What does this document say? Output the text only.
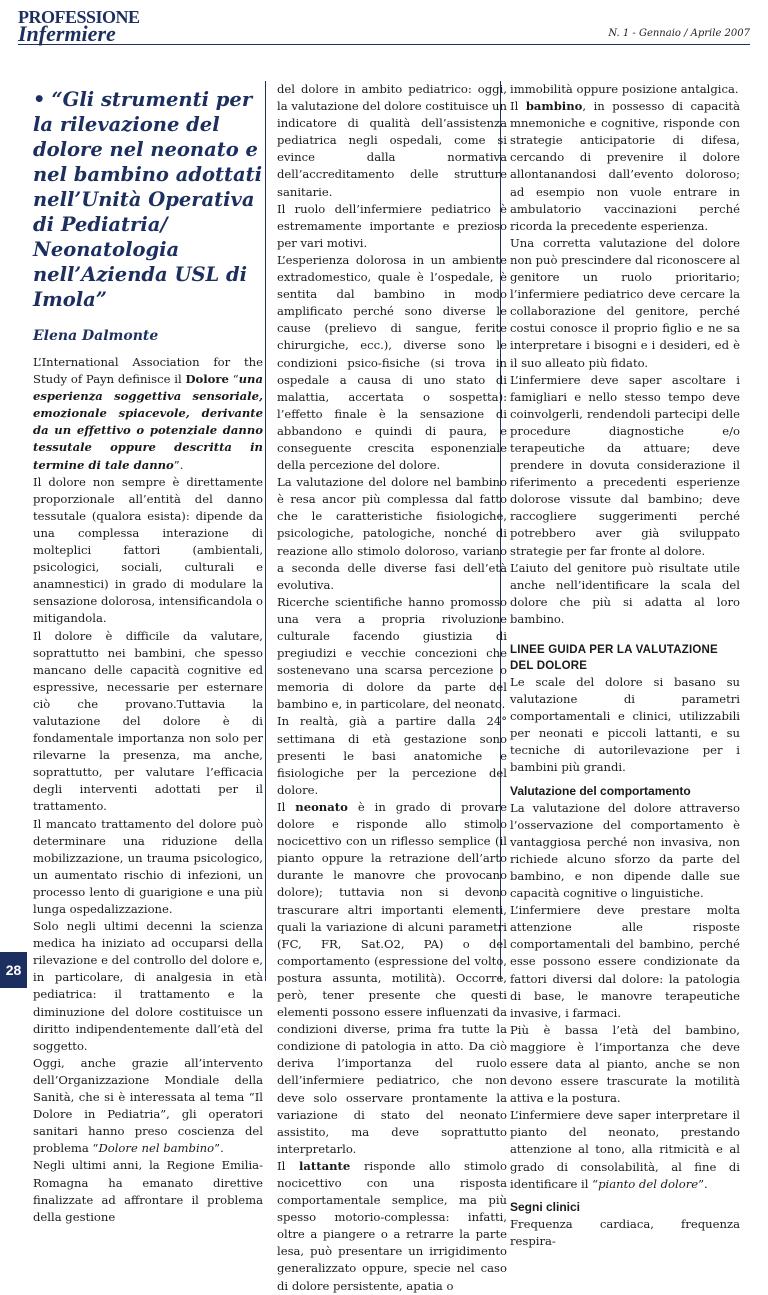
PROFESSIONE
Infermiere	N. 1 - Gennaio / Aprile 2007
• “Gli strumenti per la rilevazione del dolore nel neonato e nel bambino adottati nell’Unità Operativa di Pediatria/ Neonatologia nell’Azienda USL di Imola”
Elena Dalmonte

L’International Association for the Study of Payn definisce il Dolore “una esperienza soggettiva sensoriale, emozionale spiacevole, derivante da un effettivo o potenziale danno tessutale oppure descritta in termine di tale danno”.

Il dolore non sempre è direttamente proporzionale all’entità del danno tessutale (qualora esista): dipende da una complessa interazione di molteplici fattori (ambientali, psicologici, sociali, culturali e anamnestici) in grado di modulare la sensazione dolorosa, intensificandola o mitigandola.

Il dolore è difficile da valutare, soprattutto nei bambini, che spesso mancano delle capacità cognitive ed espressive, necessarie per esternare ciò che provano.Tuttavia la valutazione del dolore è di fondamentale importanza non solo per rilevarne la presenza, ma anche, soprattutto, per valutare l’efficacia degli interventi adottati per il trattamento.

Il mancato trattamento del dolore può determinare una riduzione della mobilizzazione, un trauma psicologico, un aumentato rischio di infezioni, un processo lento di guarigione e una più lunga ospedalizzazione.

Solo negli ultimi decenni la scienza medica ha iniziato ad occuparsi della rilevazione e del controllo del dolore e, in particolare, di analgesia in età pediatrica: il trattamento e la diminuzione del dolore costituisce un diritto indipendentemente dall’età del soggetto.

Oggi, anche grazie all’intervento dell’Organizzazione Mondiale della Sanità, che si è interessata al tema “Il Dolore in Pediatria”, gli operatori sanitari hanno preso coscienza del problema “Dolore nel bambino”.

Negli ultimi anni, la Regione Emilia-Romagna ha emanato direttive finalizzate ad affrontare il problema della gestione

del dolore in ambito pediatrico: oggi, la valutazione del dolore costituisce un indicatore di qualità dell’assistenza pediatrica negli ospedali, come si evince dalla normativa dell’accreditamento delle strutture sanitarie.

Il ruolo dell’infermiere pediatrico è estremamente importante e prezioso per vari motivi.

L’esperienza dolorosa in un ambiente extradomestico, quale è l’ospedale, è sentita dal bambino in modo amplificato perché sono diverse le cause (prelievo di sangue, ferite chirurgiche, ecc.), diverse sono le condizioni psico-fisiche (si trova in ospedale a causa di uno stato di malattia, accertata o sospetta): l’effetto finale è la sensazione di abbandono e quindi di paura, e conseguente crescita esponenziale della percezione del dolore.

La valutazione del dolore nel bambino è resa ancor più complessa dal fatto che le caratteristiche fisiologiche, psicologiche, patologiche, nonché di reazione allo stimolo doloroso, variano a seconda delle diverse fasi dell’età evolutiva.

Ricerche scientifiche hanno promosso una vera a propria rivoluzione culturale facendo giustizia di pregiudizi e vecchie concezioni che sostenevano una scarsa percezione o memoria di dolore da parte del bambino e, in particolare, del neonato.

In realtà, già a partire dalla 24° settimana di età gestazione sono presenti le basi anatomiche e fisiologiche per la percezione del dolore.

Il neonato è in grado di provare dolore e risponde allo stimolo nocicettivo con un riflesso semplice (il pianto oppure la retrazione dell’arto durante le manovre che provocano dolore); tuttavia non si devono trascurare altri importanti elementi, quali la variazione di alcuni parametri (FC, FR, Sat.O2, PA) o del comportamento (espressione del volto, postura assunta, motilità). Occorre, però, tener presente che questi elementi possono essere influenzati da condizioni diverse, prima fra tutte la condizione di patologia in atto. Da ciò deriva l’importanza del ruolo dell’infermiere pediatrico, che non deve solo osservare prontamente la variazione di stato del neonato assistito, ma deve soprattutto interpretarlo.

Il lattante risponde allo stimolo nocicettivo con una risposta comportamentale semplice, ma più spesso motorio-complessa: infatti, oltre a piangere o a retrarre la parte lesa, può presentare un irrigidimento generalizzato oppure, specie nel caso di dolore persistente, apatia o

immobilità oppure posizione antalgica.

Il bambino, in possesso di capacità mnemoniche e cognitive, risponde con strategie anticipatorie di difesa, cercando di prevenire il dolore allontanandosi dall’evento doloroso; ad esempio non vuole entrare in ambulatorio vaccinazioni perché ricorda la precedente esperienza.

Una corretta valutazione del dolore non può prescindere dal riconoscere al genitore un ruolo prioritario; l’infermiere pediatrico deve cercare la collaborazione del genitore, perché costui conosce il proprio figlio e ne sa interpretare i bisogni e i desideri, ed è il suo alleato più fidato.

L’infermiere deve saper ascoltare i famigliari e nello stesso tempo deve coinvolgerli, rendendoli partecipi delle procedure diagnostiche e/o terapeutiche da attuare; deve prendere in dovuta considerazione il riferimento a precedenti esperienze dolorose vissute dal bambino; deve raccogliere suggerimenti perché potrebbero aver già sviluppato strategie per far fronte al dolore.

L’aiuto del genitore può risultate utile anche nell’identificare la scala del dolore che più si adatta al loro bambino.

LINEE GUIDA PER LA VALUTAZIONE DEL DOLORE

Le scale del dolore si basano su valutazione di parametri comportamentali e clinici, utilizzabili per neonati e piccoli lattanti, e su tecniche di autorilevazione per i bambini più grandi.

Valutazione del comportamento

La valutazione del dolore attraverso l’osservazione del comportamento è vantaggiosa perché non invasiva, non richiede alcuno sforzo da parte del bambino, e non dipende dalle sue capacità cognitive o linguistiche.

L’infermiere deve prestare molta attenzione alle risposte comportamentali del bambino, perché esse possono essere condizionate da fattori diversi dal dolore: la patologia di base, le manovre terapeutiche invasive, i farmaci.

Più è bassa l’età del bambino, maggiore è l’importanza che deve essere data al pianto, anche se non devono essere trascurate la motilità attiva e la postura.

L’infermiere deve saper interpretare il pianto del neonato, prestando attenzione al tono, alla ritmicità e al grado di consolabilità, al fine di identificare il “pianto del dolore”.

Segni clinici

Frequenza cardiaca, frequenza respira-

28
